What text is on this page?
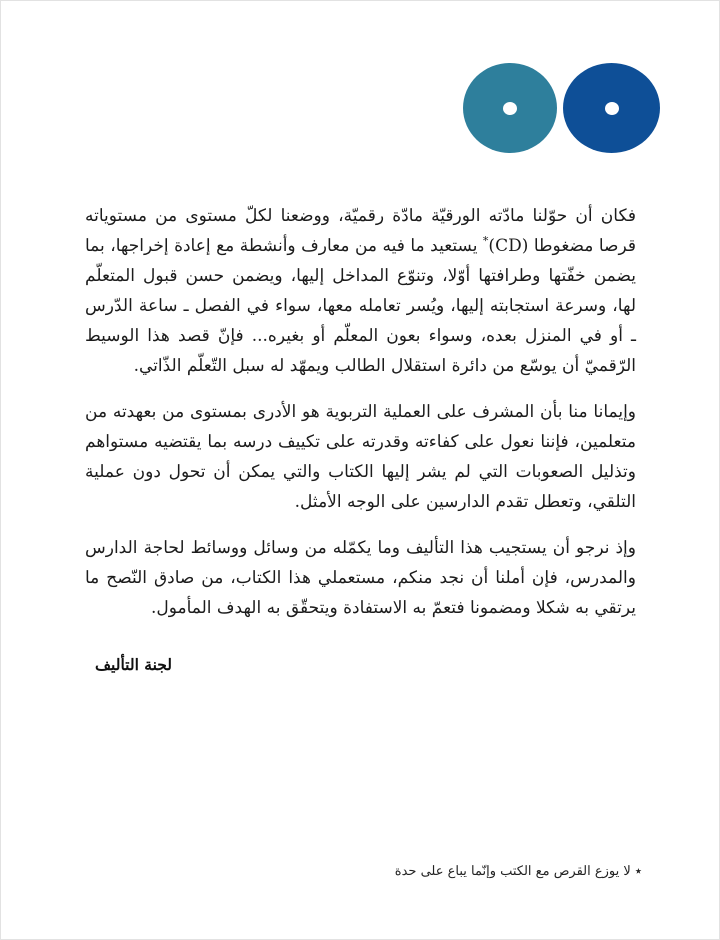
فكان أن حوّلنا مادّته الورقيّة مادّة رقميّة، ووضعنا لكلّ مستوى من مستوياته قرصا مضغوطا (CD)* يستعيد ما فيه من معارف وأنشطة مع إعادة إخراجها، بما يضمن خفّتها وطرافتها أوّلا، وتنوّع المداخل إليها، ويضمن حسن قبول المتعلّم لها، وسرعة استجابته إليها، ويُسر تعامله معها، سواء في الفصل ـ ساعة الدّرس ـ أو في المنزل بعده، وسواء بعون المعلّم أو بغيره... فإنّ قصد هذا الوسيط الرّقميّ أن يوسّع من دائرة استقلال الطالب ويمهّد له سبل التّعلّم الذّاتي.

وإيمانا منا بأن المشرف على العملية التربوية هو الأدرى بمستوى من بعهدته من متعلمين، فإننا نعول على كفاءته وقدرته على تكييف درسه بما يقتضيه مستواهم وتذليل الصعوبات التي لم يشر إليها الكتاب والتي يمكن أن تحول دون عملية التلقي، وتعطل تقدم الدارسين على الوجه الأمثل.

وإذ نرجو أن يستجيب هذا التأليف وما يكمّله من وسائل ووسائط لحاجة الدارس والمدرس، فإن أملنا أن نجد منكم، مستعملي هذا الكتاب، من صادق النّصح ما يرتقي به شكلا ومضمونا فتعمّ به الاستفادة ويتحقّق به الهدف المأمول.

لجنة التأليف
٭ لا يوزع القرص مع الكتب وإنّما يباع على حدة
